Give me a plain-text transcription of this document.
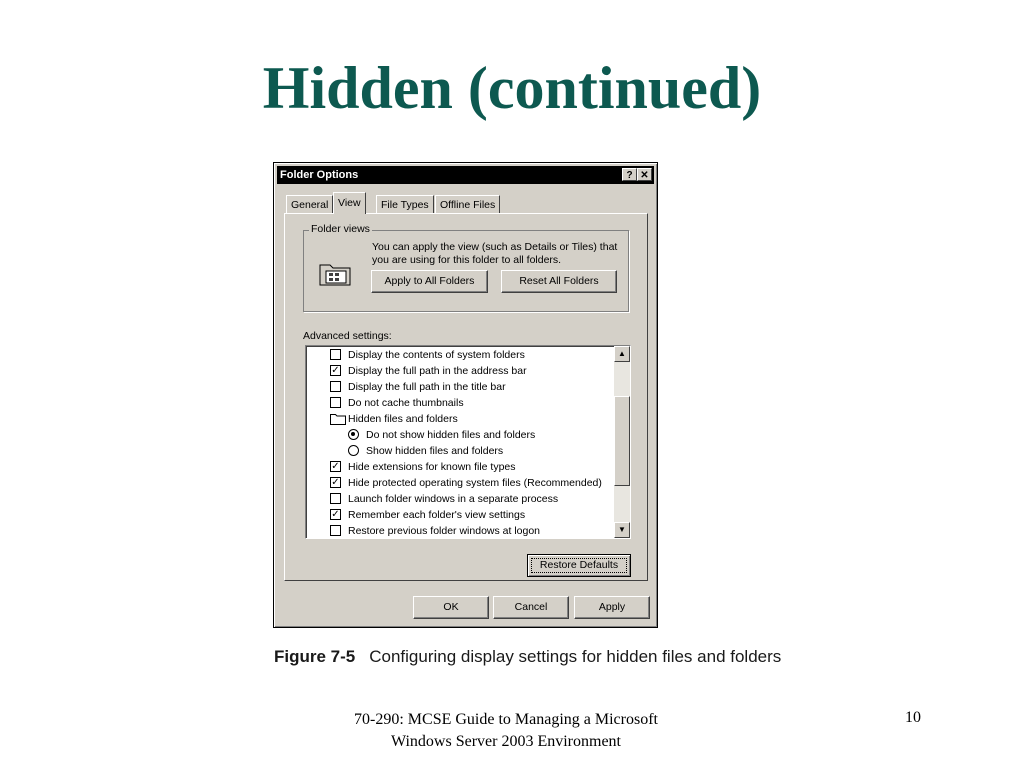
Hidden (continued)
Folder Options	? ✕
General View	File Types	Offline Files
Folder views
You can apply the view (such as Details or Tiles) that you are using for this folder to all folders.
Apply to All Folders	Reset All Folders
Advanced settings:
Display the contents of system folders
✓ Display the full path in the address bar
Display the full path in the title bar
Do not cache thumbnails
Hidden files and folders
Do not show hidden files and folders
Show hidden files and folders
✓ Hide extensions for known file types
✓ Hide protected operating system files (Recommended)
Launch folder windows in a separate process
✓ Remember each folder's view settings
Restore previous folder windows at logon
▲
▼
Restore Defaults
OK	Cancel	Apply
Figure 7-5 Configuring display settings for hidden files and folders
70-290: MCSE Guide to Managing a Microsoft
Windows Server 2003 Environment
10
